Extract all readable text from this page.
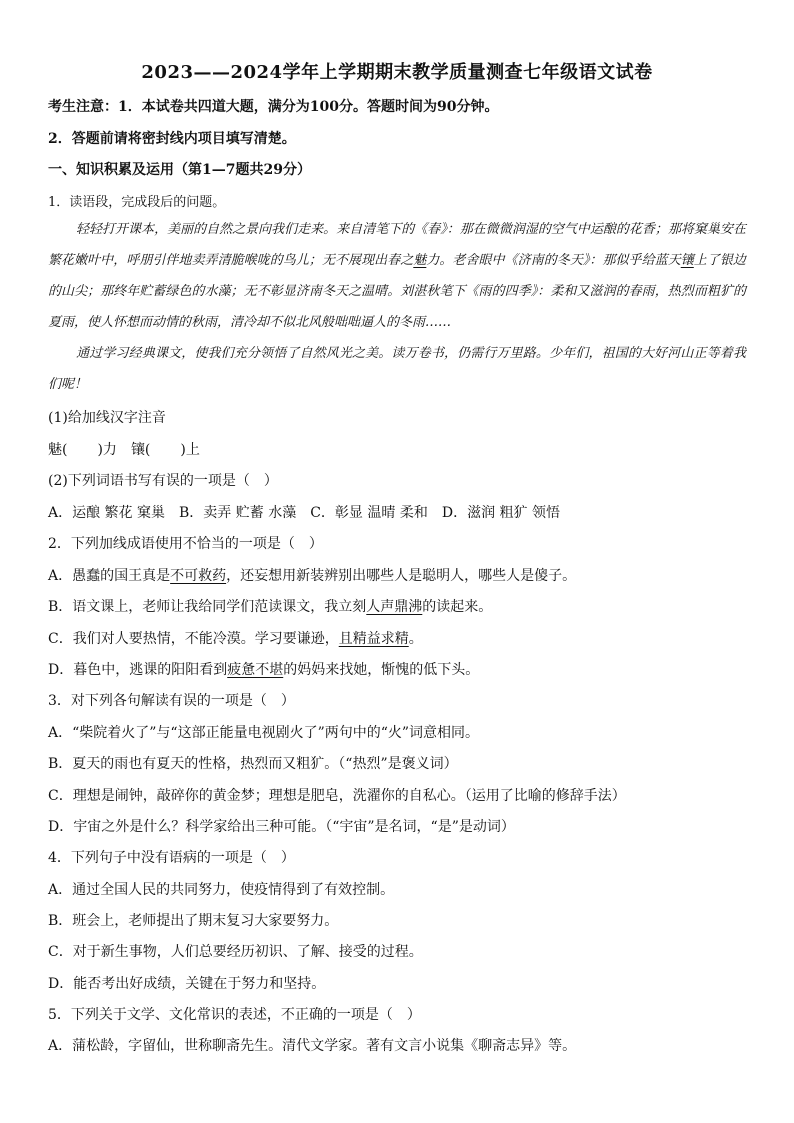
2023——2024学年上学期期末教学质量测查七年级语文试卷
考生注意：1．本试卷共四道大题，满分为100分。答题时间为90分钟。
2．答题前请将密封线内项目填写清楚。
一、知识积累及运用（第1—7题共29分）
1．读语段，完成段后的问题。
轻轻打开课本，美丽的自然之景向我们走来。来自清笔下的《春》：那在微微润湿的空气中运酿的花香；那将窠巢安在繁花嫩叶中，呼朋引伴地卖弄清脆喉咙的鸟儿；无不展现出春之魅力。老舍眼中《济南的冬天》：那似乎给蓝天镶上了银边的山尖；那终年贮蓄绿色的水藻；无不彰显济南冬天之温晴。刘湛秋笔下《雨的四季》：柔和又滋润的春雨，热烈而粗犷的夏雨，使人怀想而动情的秋雨，清冷却不似北风般咄咄逼人的冬雨……
通过学习经典课文，使我们充分领悟了自然风光之美。读万卷书，仍需行万里路。少年们，祖国的大好河山正等着我们呢！
(1)给加线汉字注音
魅( )力　 镶( )上
(2)下列词语书写有误的一项是（　）
A．运酿 繁花 窠巢 B．卖弄 贮蓄 水藻 C．彰显 温晴 柔和 D．滋润 粗犷 领悟
2．下列加线成语使用不恰当的一项是（　）
A．愚蠢的国王真是不可救药，还妄想用新装辨别出哪些人是聪明人，哪些人是傻子。
B．语文课上，老师让我给同学们范读课文，我立刻人声鼎沸的读起来。
C．我们对人要热情，不能冷漠。学习要谦逊，且精益求精。
D．暮色中，逃课的阳阳看到疲惫不堪的妈妈来找她，惭愧的低下头。
3．对下列各句解读有误的一项是（　）
A．“柴院着火了”与“这部正能量电视剧火了”两句中的“火”词意相同。
B．夏天的雨也有夏天的性格，热烈而又粗犷。（“热烈”是褒义词）
C．理想是闹钟，敲碎你的黄金梦；理想是肥皂，洗濯你的自私心。（运用了比喻的修辞手法）
D．宇宙之外是什么？科学家给出三种可能。（“宇宙”是名词，“是”是动词）
4．下列句子中没有语病的一项是（　）
A．通过全国人民的共同努力，使疫情得到了有效控制。
B．班会上，老师提出了期末复习大家要努力。
C．对于新生事物，人们总要经历初识、了解、接受的过程。
D．能否考出好成绩，关键在于努力和坚持。
5．下列关于文学、文化常识的表述，不正确的一项是（　）
A．蒲松龄，字留仙，世称聊斋先生。清代文学家。著有文言小说集《聊斋志异》等。
